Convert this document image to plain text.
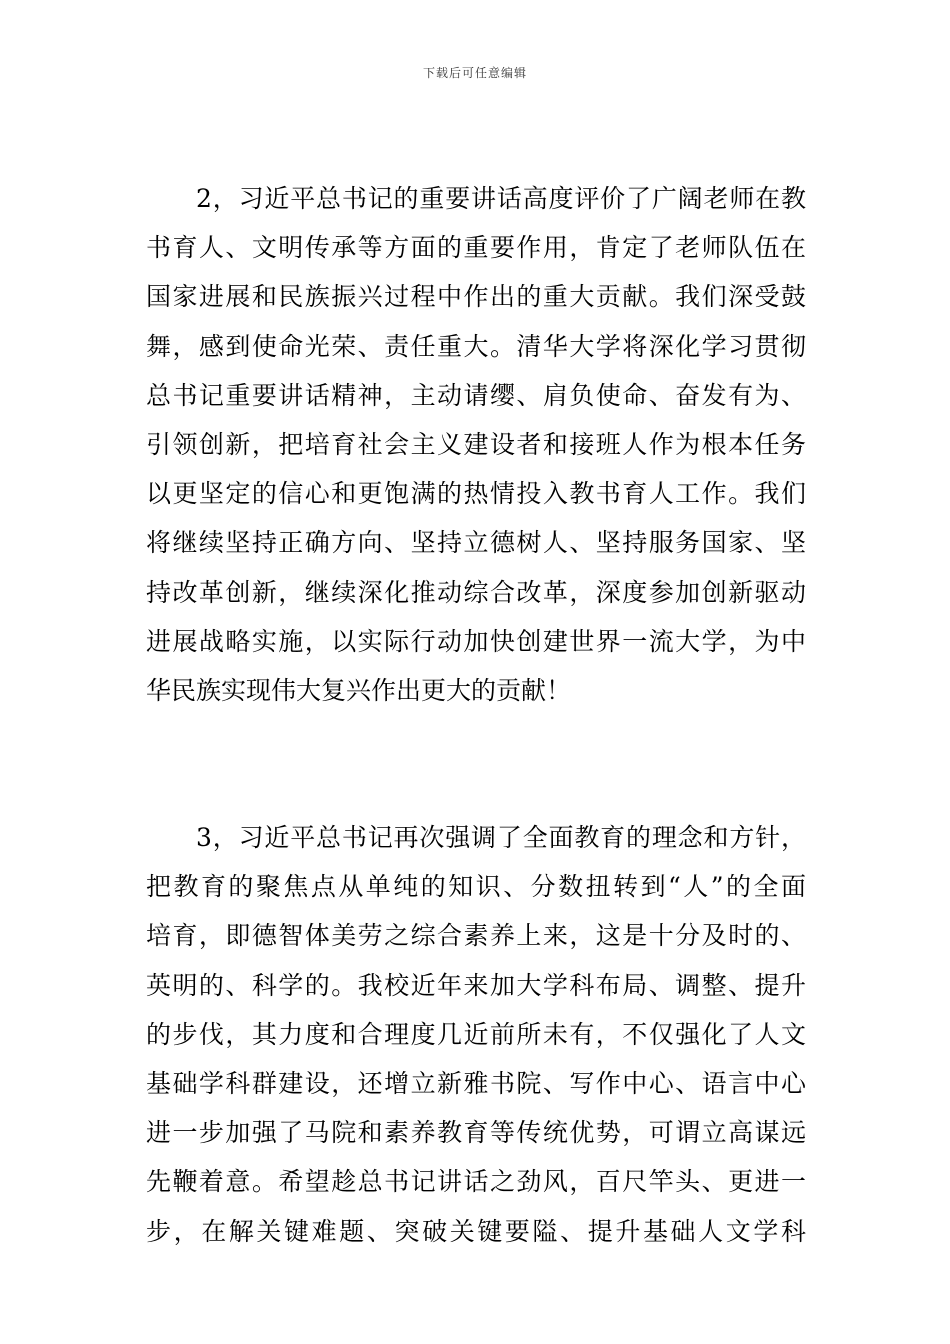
下载后可任意编辑
2，习近平总书记的重要讲话高度评价了广阔老师在教
书育人、文明传承等方面的重要作用，肯定了老师队伍在
国家进展和民族振兴过程中作出的重大贡献。我们深受鼓
舞，感到使命光荣、责任重大。清华大学将深化学习贯彻
总书记重要讲话精神，主动请缨、肩负使命、奋发有为、
引领创新，把培育社会主义建设者和接班人作为根本任务
以更坚定的信心和更饱满的热情投入教书育人工作。我们
将继续坚持正确方向、坚持立德树人、坚持服务国家、坚
持改革创新，继续深化推动综合改革，深度参加创新驱动
进展战略实施，以实际行动加快创建世界一流大学，为中
华民族实现伟大复兴作出更大的贡献！
3，习近平总书记再次强调了全面教育的理念和方针，
把教育的聚焦点从单纯的知识、分数扭转到“人”的全面
培育，即德智体美劳之综合素养上来，这是十分及时的、
英明的、科学的。我校近年来加大学科布局、调整、提升
的步伐，其力度和合理度几近前所未有，不仅强化了人文
基础学科群建设，还增立新雅书院、写作中心、语言中心
进一步加强了马院和素养教育等传统优势，可谓立高谋远
先鞭着意。希望趁总书记讲话之劲风，百尺竿头、更进一
步，在解关键难题、突破关键要隘、提升基础人文学科
